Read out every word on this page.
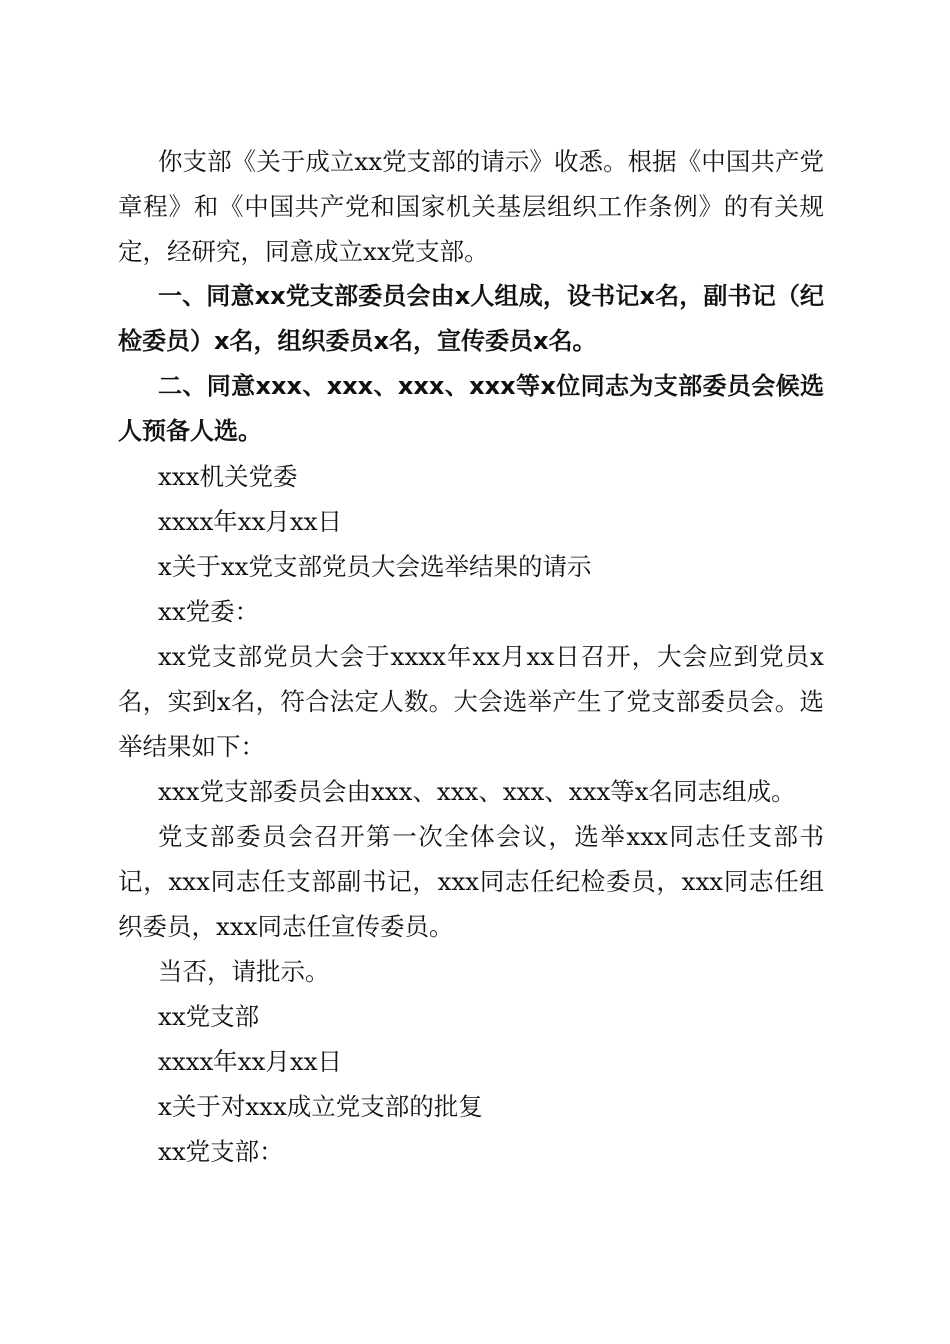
你支部《关于成立xx党支部的请示》收悉。根据《中国共产党章程》和《中国共产党和国家机关基层组织工作条例》的有关规定，经研究，同意成立xx党支部。

一、同意xx党支部委员会由x人组成，设书记x名，副书记（纪检委员）x名，组织委员x名，宣传委员x名。

二、同意xxx、xxx、xxx、xxx等x位同志为支部委员会候选人预备人选。

xxx机关党委

xxxx年xx月xx日

x关于xx党支部党员大会选举结果的请示

xx党委：

xx党支部党员大会于xxxx年xx月xx日召开，大会应到党员x名，实到x名，符合法定人数。大会选举产生了党支部委员会。选举结果如下：

xxx党支部委员会由xxx、xxx、xxx、xxx等x名同志组成。

党支部委员会召开第一次全体会议，选举xxx同志任支部书记，xxx同志任支部副书记，xxx同志任纪检委员，xxx同志任组织委员，xxx同志任宣传委员。

当否，请批示。

xx党支部

xxxx年xx月xx日

x关于对xxx成立党支部的批复

xx党支部：
